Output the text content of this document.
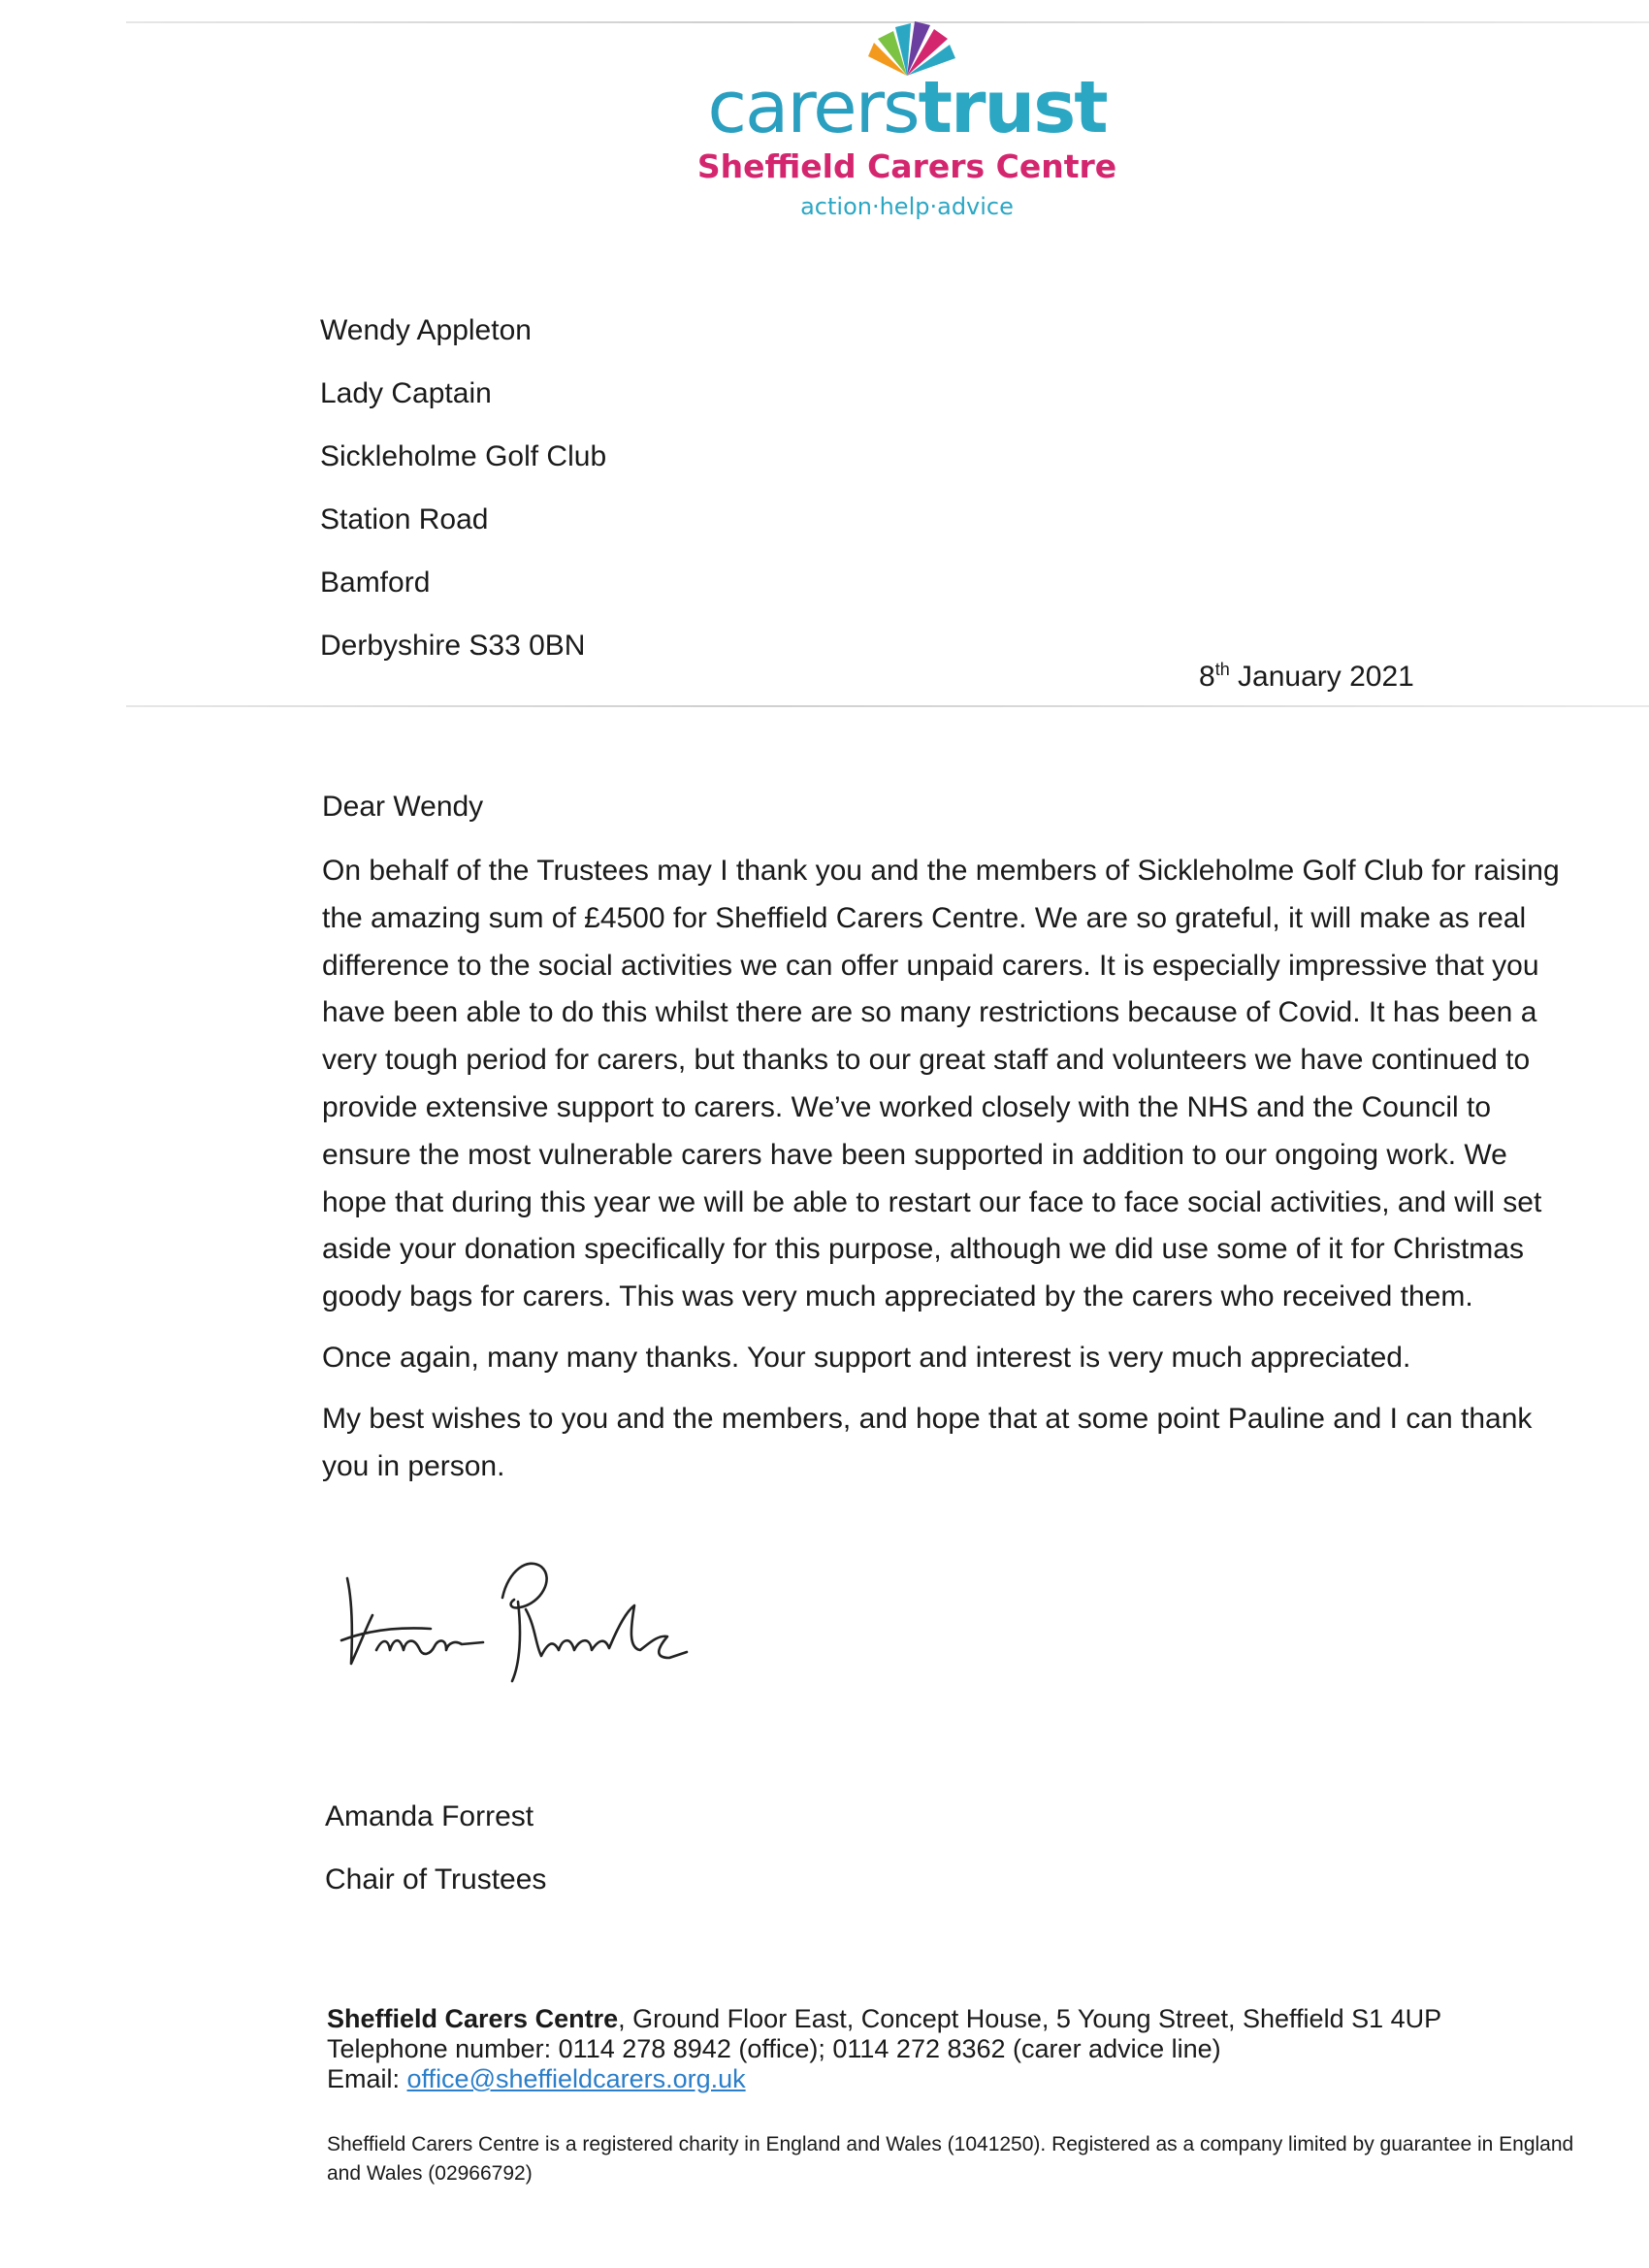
carerstrust
Sheffield Carers Centre
action·help·advice
Wendy Appleton
Lady Captain
Sickleholme Golf Club
Station Road
Bamford
Derbyshire S33 0BN
8th January 2021
Dear Wendy

On behalf of the Trustees may I thank you and the members of Sickleholme Golf Club for raising the amazing sum of £4500 for Sheffield Carers Centre. We are so grateful, it will make as real difference to the social activities we can offer unpaid carers. It is especially impressive that you have been able to do this whilst there are so many restrictions because of Covid. It has been a very tough period for carers, but thanks to our great staff and volunteers we have continued to provide extensive support to carers. We’ve worked closely with the NHS and the Council to ensure the most vulnerable carers have been supported in addition to our ongoing work. We hope that during this year we will be able to restart our face to face social activities, and will set aside your donation specifically for this purpose, although we did use some of it for Christmas goody bags for carers. This was very much appreciated by the carers who received them.

Once again, many many thanks. Your support and interest is very much appreciated.

My best wishes to you and the members, and hope that at some point Pauline and I can thank you in person.

Amanda Forrest
Chair of Trustees
Sheffield Carers Centre, Ground Floor East, Concept House, 5 Young Street, Sheffield S1 4UP
Telephone number: 0114 278 8942 (office); 0114 272 8362 (carer advice line)
Email: office@sheffieldcarers.org.uk
Sheffield Carers Centre is a registered charity in England and Wales (1041250). Registered as a company limited by guarantee in England and Wales (02966792)
